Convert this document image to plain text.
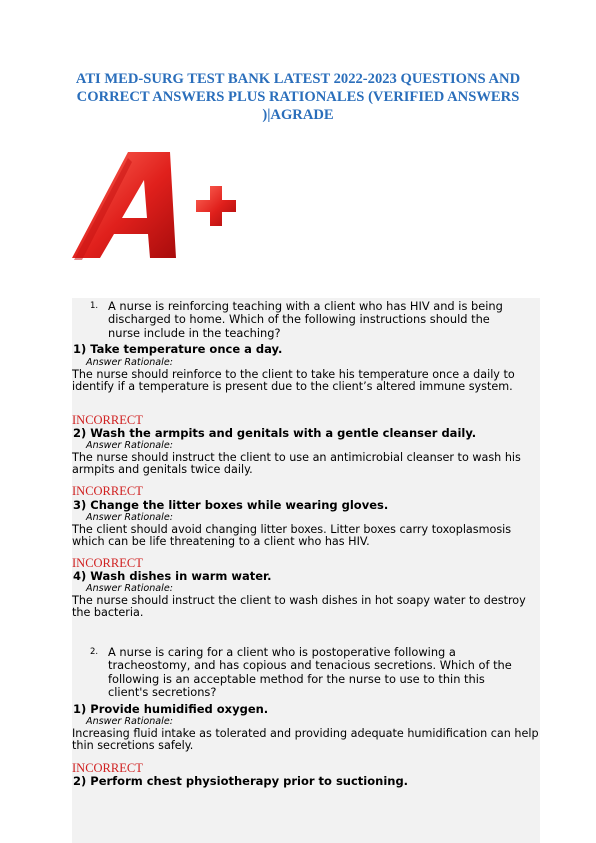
ATI MED-SURG TEST BANK LATEST 2022-2023 QUESTIONS AND CORRECT ANSWERS PLUS RATIONALES (VERIFIED ANSWERS )|AGRADE
1. A nurse is reinforcing teaching with a client who has HIV and is being discharged to home. Which of the following instructions should the nurse include in the teaching?
1) Take temperature once a day.
Answer Rationale:
The nurse should reinforce to the client to take his temperature once a daily to identify if a temperature is present due to the client’s altered immune system.
INCORRECT
2) Wash the armpits and genitals with a gentle cleanser daily.
Answer Rationale:
The nurse should instruct the client to use an antimicrobial cleanser to wash his armpits and genitals twice daily.
INCORRECT
3) Change the litter boxes while wearing gloves.
Answer Rationale:
The client should avoid changing litter boxes. Litter boxes carry toxoplasmosis which can be life threatening to a client who has HIV.
INCORRECT
4) Wash dishes in warm water.
Answer Rationale:
The nurse should instruct the client to wash dishes in hot soapy water to destroy the bacteria.
2. A nurse is caring for a client who is postoperative following a tracheostomy, and has copious and tenacious secretions. Which of the following is an acceptable method for the nurse to use to thin this client's secretions?
1) Provide humidified oxygen.
Answer Rationale:
Increasing fluid intake as tolerated and providing adequate humidification can help thin secretions safely.
INCORRECT
2) Perform chest physiotherapy prior to suctioning.
